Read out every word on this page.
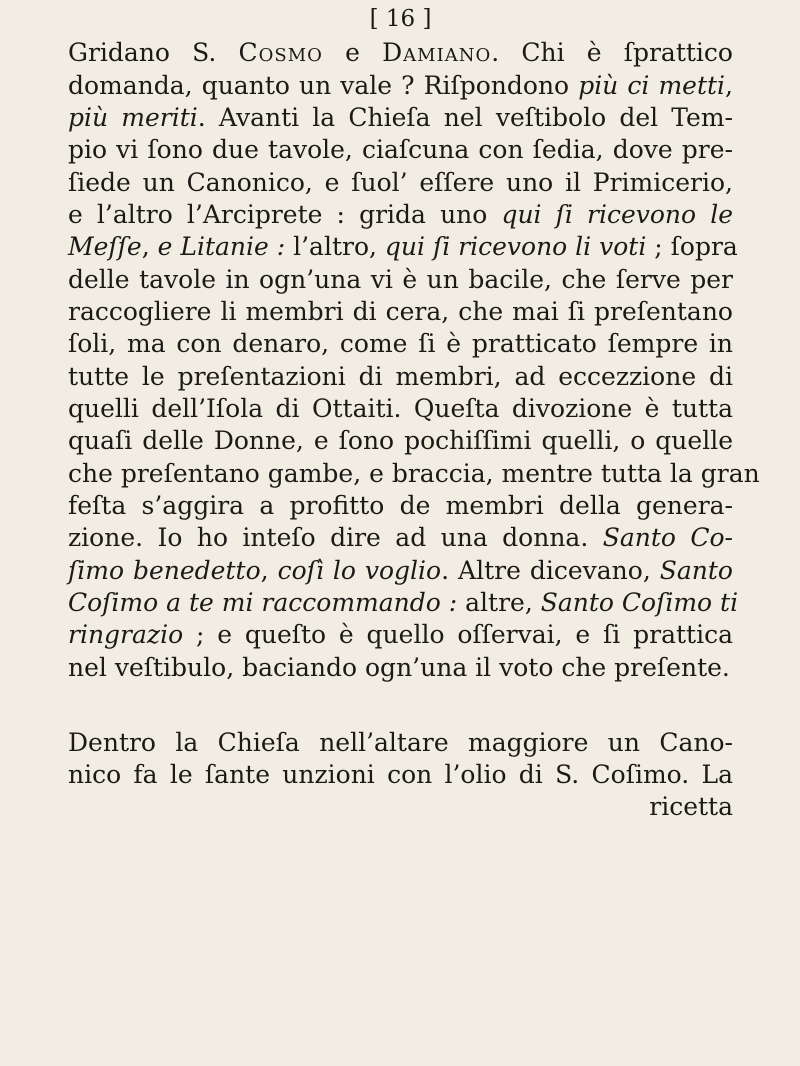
[ 16 ]
Gridano S. Cosmo e Damiano. Chi è ſprattico
domanda, quanto un vale ? Riſpondono più ci metti,
più meriti. Avanti la Chieſa nel veſtibolo del Tem-
pio vi ſono due tavole, ciaſcuna con ſedia, dove pre-
ſiede un Canonico, e ſuol’ eſſere uno il Primicerio,
e l’altro l’Arciprete : grida uno qui ſi ricevono le
Meſſe, e Litanie : l’altro, qui ſi ricevono li voti ; ſopra
delle tavole in ogn’una vi è un bacile, che ſerve per
raccogliere li membri di cera, che mai ſi preſentano
ſoli, ma con denaro, come ſi è pratticato ſempre in
tutte le preſentazioni di membri, ad eccezzione di
quelli dell’Iſola di Ottaiti. Queſta divozione è tutta
quaſi delle Donne, e ſono pochiſſimi quelli, o quelle
che preſentano gambe, e braccia, mentre tutta la gran
feſta s’aggira a profitto de membri della genera-
zione. Io ho inteſo dire ad una donna. Santo Co-
ſimo benedetto, coſì lo voglio. Altre dicevano, Santo
Coſimo a te mi raccommando : altre, Santo Coſimo ti
ringrazio ; e queſto è quello oſſervai, e ſi prattica
nel veſtibulo, baciando ogn’una il voto che preſente.
Dentro la Chieſa nell’altare maggiore un Cano-
nico fa le ſante unzioni con l’olio di S. Coſimo. La
ricetta
